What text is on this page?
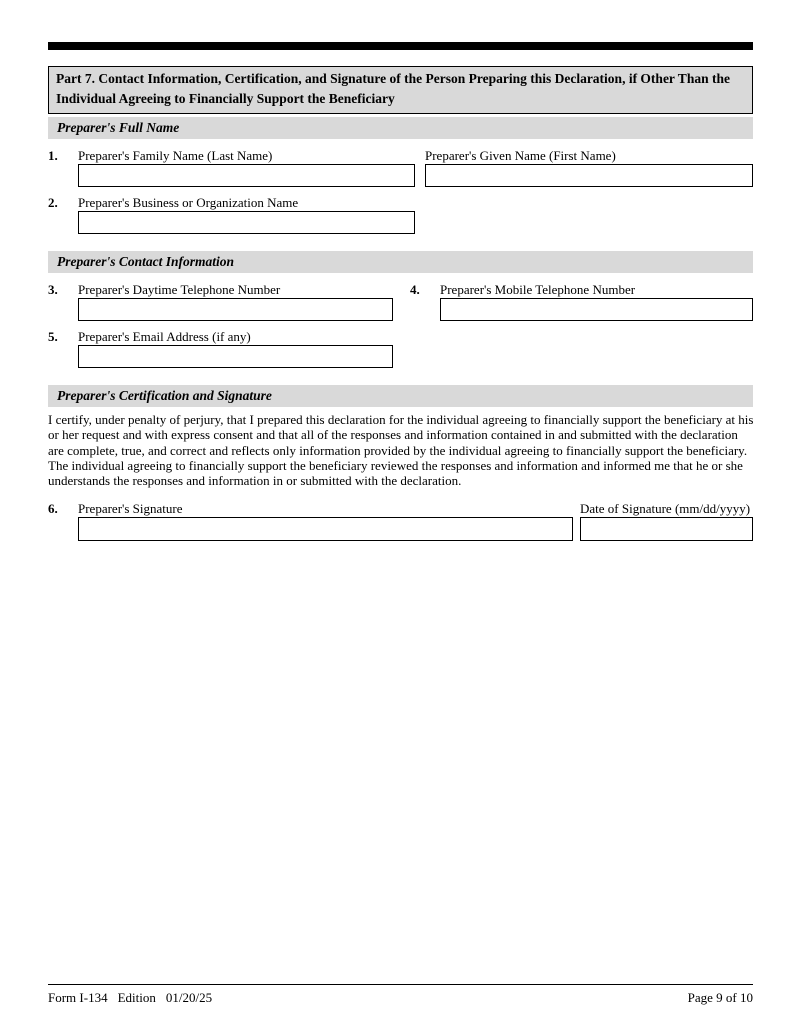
Part 7. Contact Information, Certification, and Signature of the Person Preparing this Declaration, if Other Than the Individual Agreeing to Financially Support the Beneficiary
Preparer's Full Name
1. Preparer's Family Name (Last Name)	Preparer's Given Name (First Name)
2. Preparer's Business or Organization Name
Preparer's Contact Information
3. Preparer's Daytime Telephone Number	4. Preparer's Mobile Telephone Number
5. Preparer's Email Address (if any)
Preparer's Certification and Signature
I certify, under penalty of perjury, that I prepared this declaration for the individual agreeing to financially support the beneficiary at his or her request and with express consent and that all of the responses and information contained in and submitted with the declaration are complete, true, and correct and reflects only information provided by the individual agreeing to financially support the beneficiary. The individual agreeing to financially support the beneficiary reviewed the responses and information and informed me that he or she understands the responses and information in or submitted with the declaration.
6. Preparer's Signature	Date of Signature (mm/dd/yyyy)
Form I-134 Edition 01/20/25	Page 9 of 10
